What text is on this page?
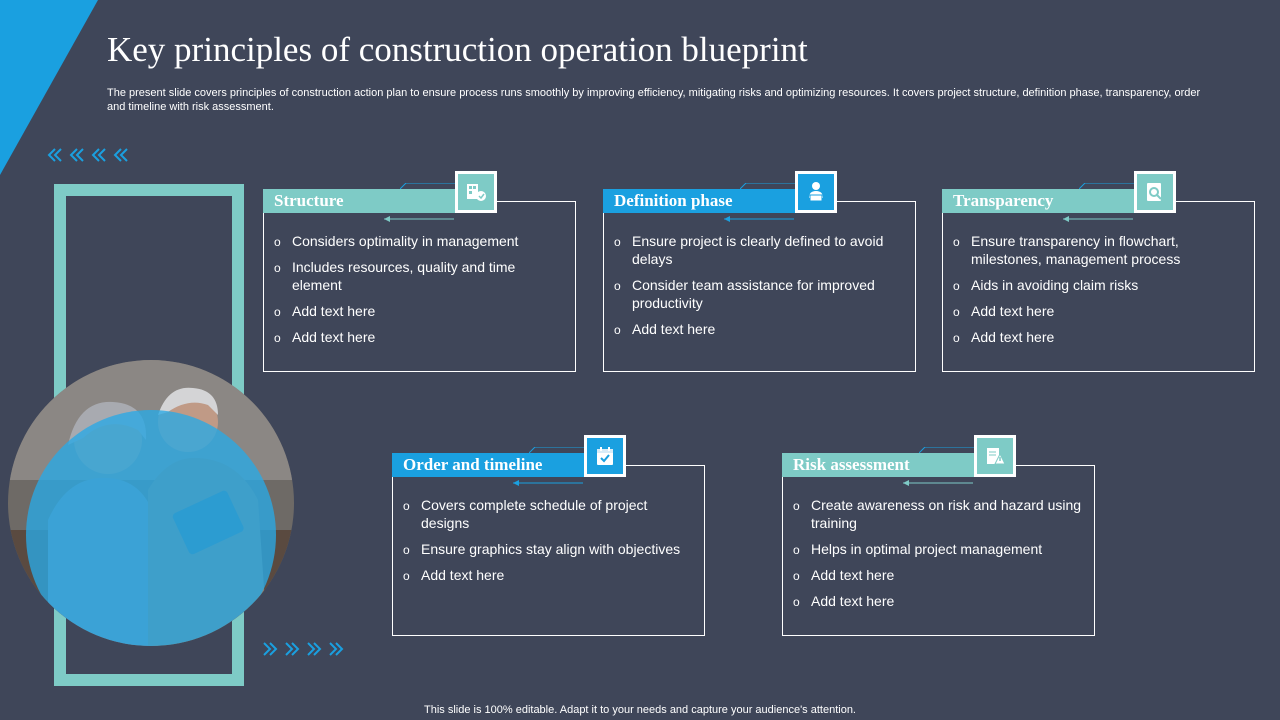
Key principles of construction operation blueprint

The present slide covers principles of construction action plan to ensure process runs smoothly by improving efficiency, mitigating risks and optimizing resources. It covers project structure, definition phase, transparency, order and timeline with risk assessment.

Structure
o Considers optimality in management
o Includes resources, quality and time element
o Add text here
o Add text here
Definition phase
o Ensure project is clearly defined to avoid delays
o Consider team assistance for improved productivity
o Add text here
Transparency
o Ensure transparency in flowchart, milestones, management process
o Aids in avoiding claim risks
o Add text here
o Add text here
Order and timeline
o Covers complete schedule of project designs
o Ensure graphics stay align with objectives
o Add text here
Risk assessment
o Create awareness on risk and hazard using training
o Helps in optimal project management
o Add text here
o Add text here
This slide is 100% editable. Adapt it to your needs and capture your audience's attention.
